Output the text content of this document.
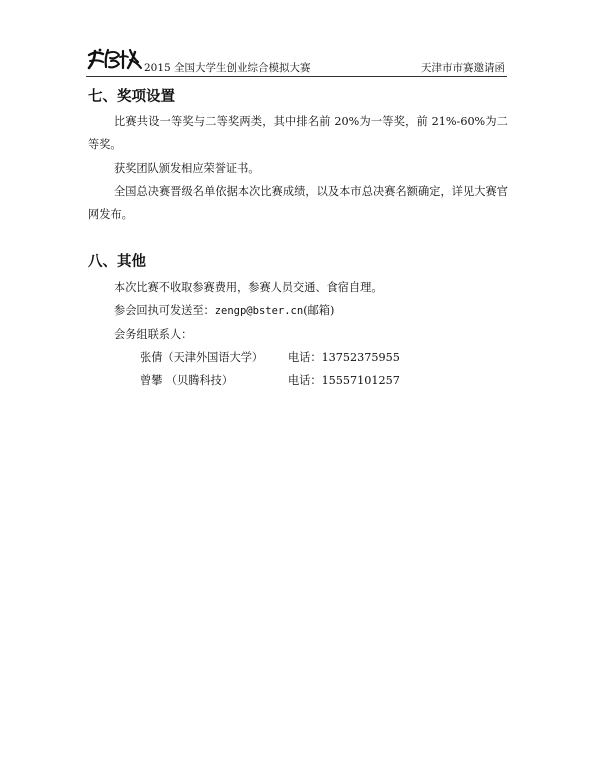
2015 全国大学生创业综合模拟大赛	天津市市赛邀请函
七、奖项设置
比赛共设一等奖与二等奖两类，其中排名前 20%为一等奖，前 21%-60%为二等奖。
获奖团队颁发相应荣誉证书。
全国总决赛晋级名单依据本次比赛成绩，以及本市总决赛名额确定，详见大赛官网发布。
八、其他
本次比赛不收取参赛费用，参赛人员交通、食宿自理。
参会回执可发送至：zengp@bster.cn(邮箱)
会务组联系人：
张倩（天津外国语大学） 电话：13752375955
曾攀 （贝腾科技）	电话：15557101257
